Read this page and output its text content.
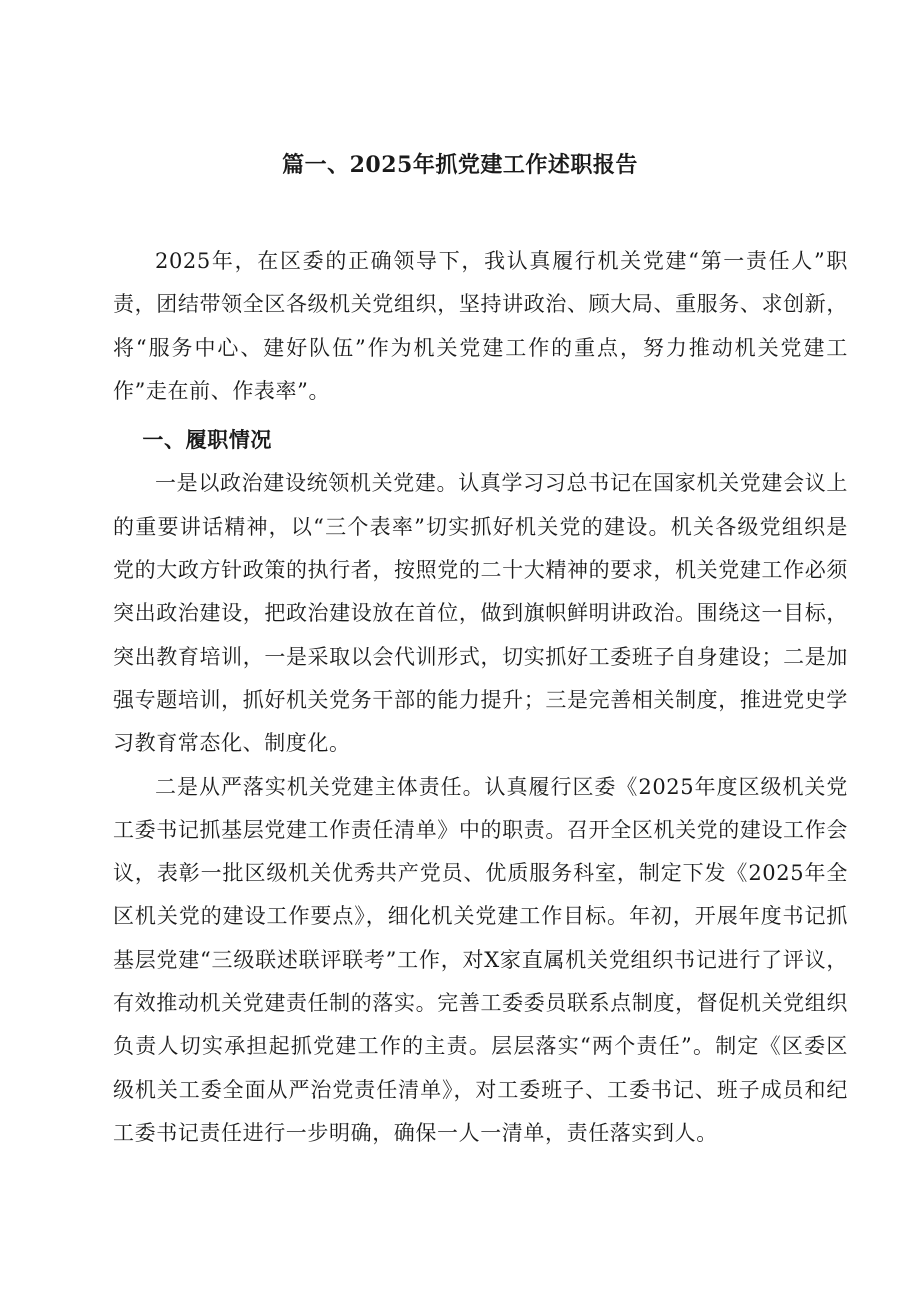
篇一、2025年抓党建工作述职报告

2025年，在区委的正确领导下，我认真履行机关党建“第一责任人”职责，团结带领全区各级机关党组织，坚持讲政治、顾大局、重服务、求创新，将“服务中心、建好队伍”作为机关党建工作的重点，努力推动机关党建工作”走在前、作表率”。

一、履职情况

一是以政治建设统领机关党建。认真学习习总书记在国家机关党建会议上的重要讲话精神，以“三个表率”切实抓好机关党的建设。机关各级党组织是党的大政方针政策的执行者，按照党的二十大精神的要求，机关党建工作必须突出政治建设，把政治建设放在首位，做到旗帜鲜明讲政治。围绕这一目标，突出教育培训，一是采取以会代训形式，切实抓好工委班子自身建设；二是加强专题培训，抓好机关党务干部的能力提升；三是完善相关制度，推进党史学习教育常态化、制度化。

二是从严落实机关党建主体责任。认真履行区委《2025年度区级机关党工委书记抓基层党建工作责任清单》中的职责。召开全区机关党的建设工作会议，表彰一批区级机关优秀共产党员、优质服务科室，制定下发《2025年全区机关党的建设工作要点》，细化机关党建工作目标。年初，开展年度书记抓基层党建“三级联述联评联考”工作，对X家直属机关党组织书记进行了评议，有效推动机关党建责任制的落实。完善工委委员联系点制度，督促机关党组织负责人切实承担起抓党建工作的主责。层层落实“两个责任”。制定《区委区级机关工委全面从严治党责任清单》，对工委班子、工委书记、班子成员和纪工委书记责任进行一步明确，确保一人一清单，责任落实到人。
